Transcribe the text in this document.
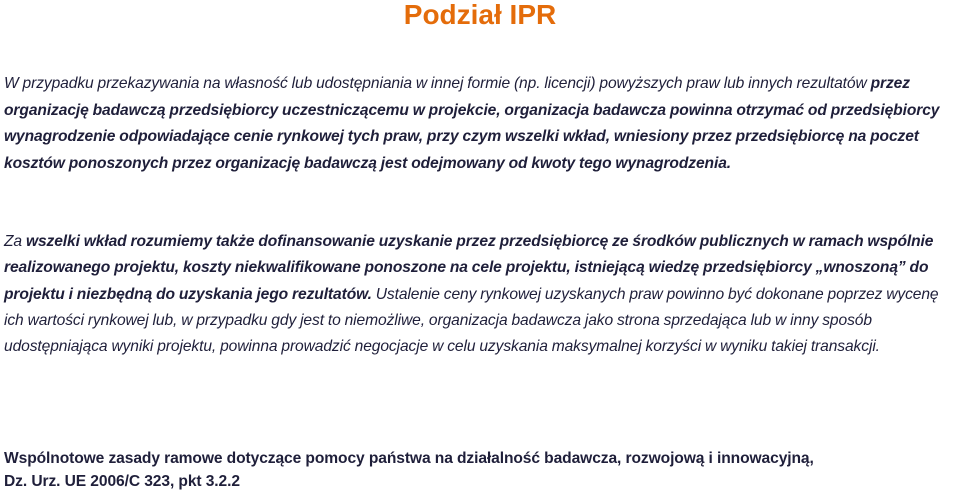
Podział IPR
W przypadku przekazywania na własność lub udostępniania w innej formie (np. licencji) powyższych praw lub innych rezultatów przez organizację badawczą przedsiębiorcy uczestniczącemu w projekcie, organizacja badawcza powinna otrzymać od przedsiębiorcy wynagrodzenie odpowiadające cenie rynkowej tych praw, przy czym wszelki wkład, wniesiony przez przedsiębiorcę na poczet kosztów ponoszonych przez organizację badawczą jest odejmowany od kwoty tego wynagrodzenia.
Za wszelki wkład rozumiemy także dofinansowanie uzyskanie przez przedsiębiorcę ze środków publicznych w ramach wspólnie realizowanego projektu, koszty niekwalifikowane ponoszone na cele projektu, istniejącą wiedzę przedsiębiorcy „wnoszoną” do projektu i niezbędną do uzyskania jego rezultatów. Ustalenie ceny rynkowej uzyskanych praw powinno być dokonane poprzez wycenę ich wartości rynkowej lub, w przypadku gdy jest to niemożliwe, organizacja badawcza jako strona sprzedająca lub w inny sposób udostępniająca wyniki projektu, powinna prowadzić negocjacje w celu uzyskania maksymalnej korzyści w wyniku takiej transakcji.
Wspólnotowe zasady ramowe dotyczące pomocy państwa na działalność badawcza, rozwojową i innowacyjną,
Dz. Urz. UE 2006/C 323, pkt 3.2.2
